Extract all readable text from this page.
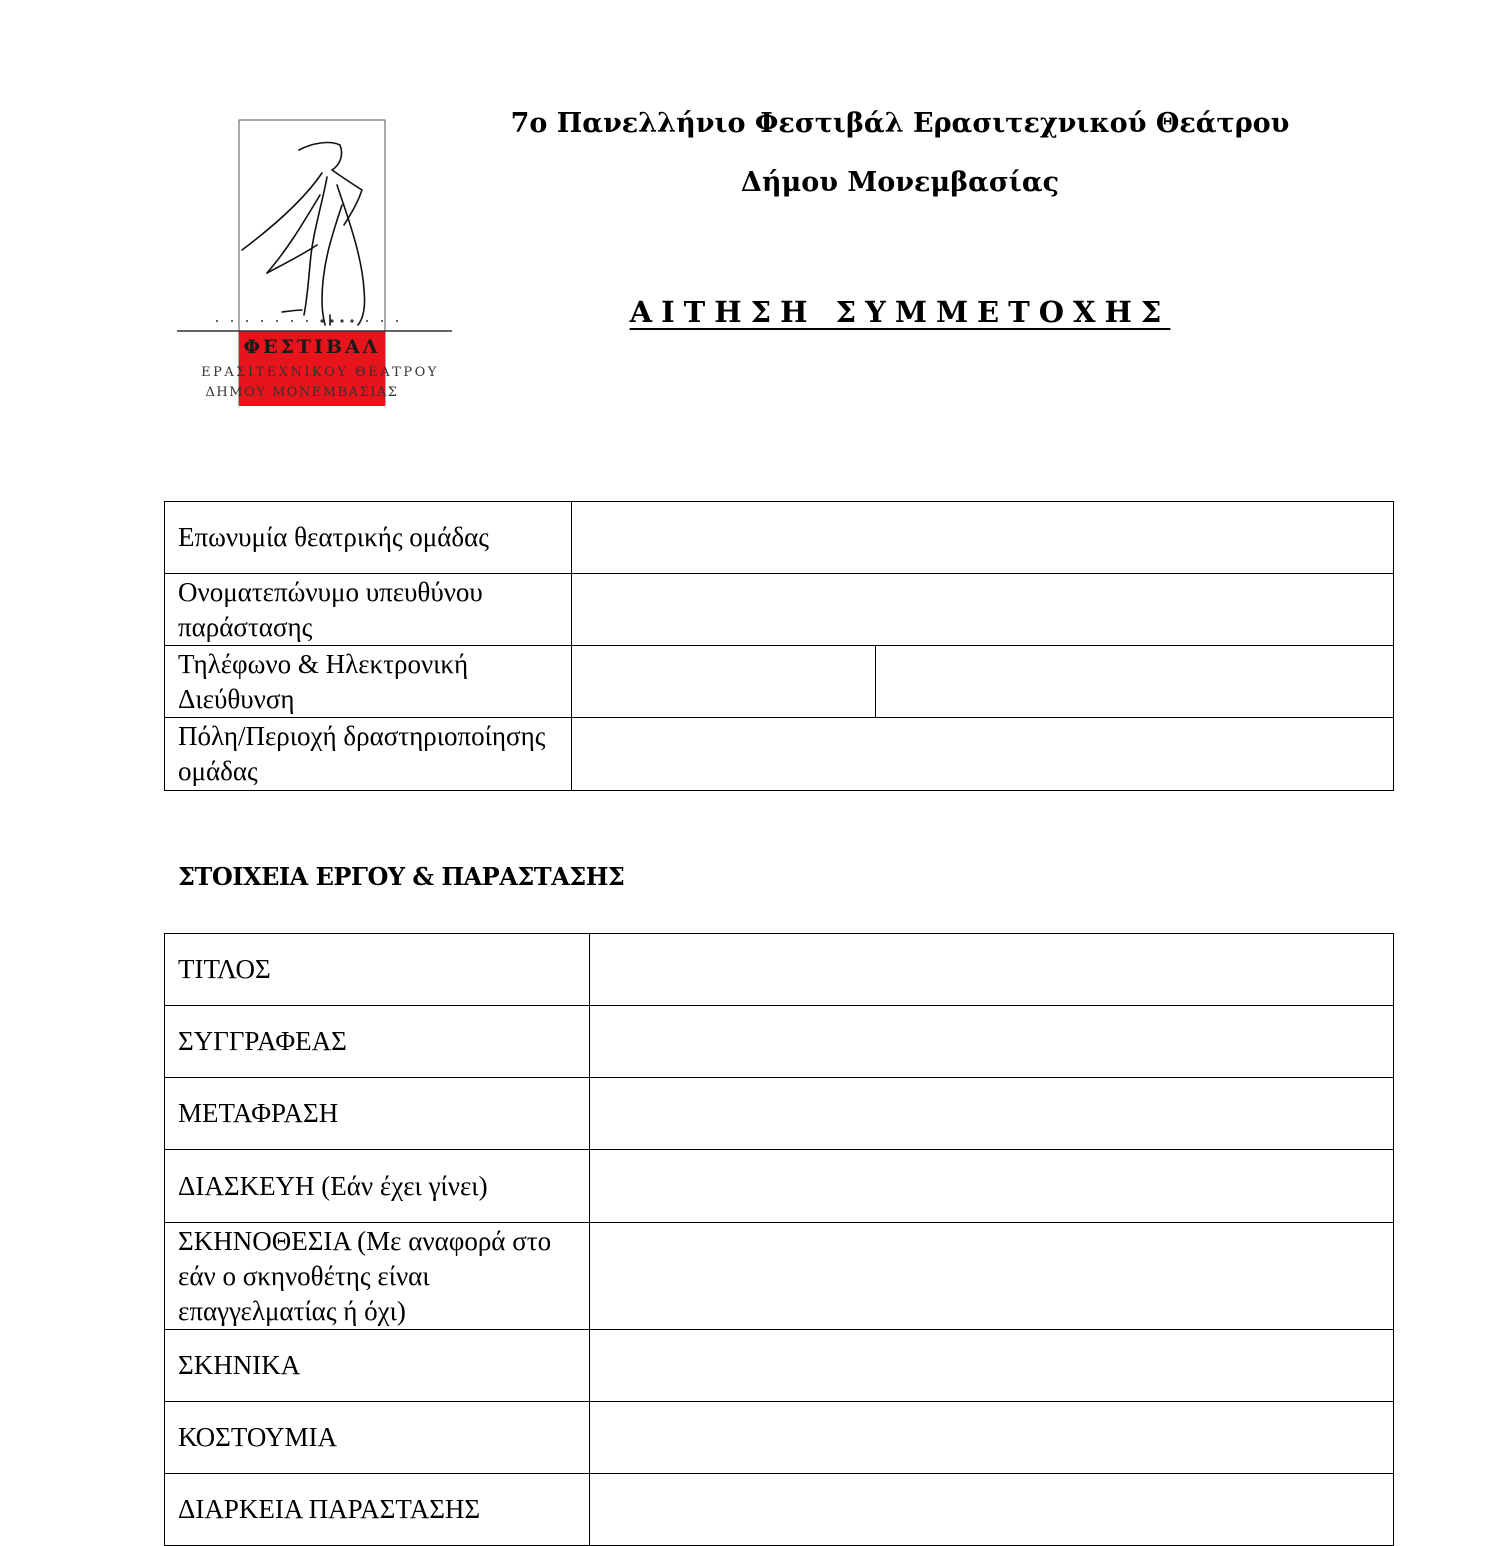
ΦΕΣΤΙΒΑΛ
ΕΡΑΣΙΤΕΧΝΙΚΟΥ ΘΕΑΤΡΟΥ
ΔΗΜΟΥ ΜΟΝΕΜΒΑΣΙΑΣ
7ο Πανελλήνιο Φεστιβάλ Ερασιτεχνικού Θεάτρου
Δήμου Μονεμβασίας
ΑΙΤΗΣΗ ΣΥΜΜΕΤΟΧΗΣ
Επωνυμία θεατρικής ομάδας		
Ονοματεπώνυμο υπευθύνου παράστασης		
Τηλέφωνο & Ηλεκτρονική Διεύθυνση		
Πόλη/Περιοχή δραστηριοποίησης ομάδας		
ΣΤΟΙΧΕΙΑ ΕΡΓΟΥ & ΠΑΡΑΣΤΑΣΗΣ
ΤΙΤΛΟΣ	
ΣΥΓΓΡΑΦΕΑΣ	
ΜΕΤΑΦΡΑΣΗ	
ΔΙΑΣΚΕΥΗ (Εάν έχει γίνει)	
ΣΚΗΝΟΘΕΣΙΑ (Με αναφορά στο εάν ο σκηνοθέτης είναι επαγγελματίας ή όχι)	
ΣΚΗΝΙΚΑ	
ΚΟΣΤΟΥΜΙΑ	
ΔΙΑΡΚΕΙΑ ΠΑΡΑΣΤΑΣΗΣ	
